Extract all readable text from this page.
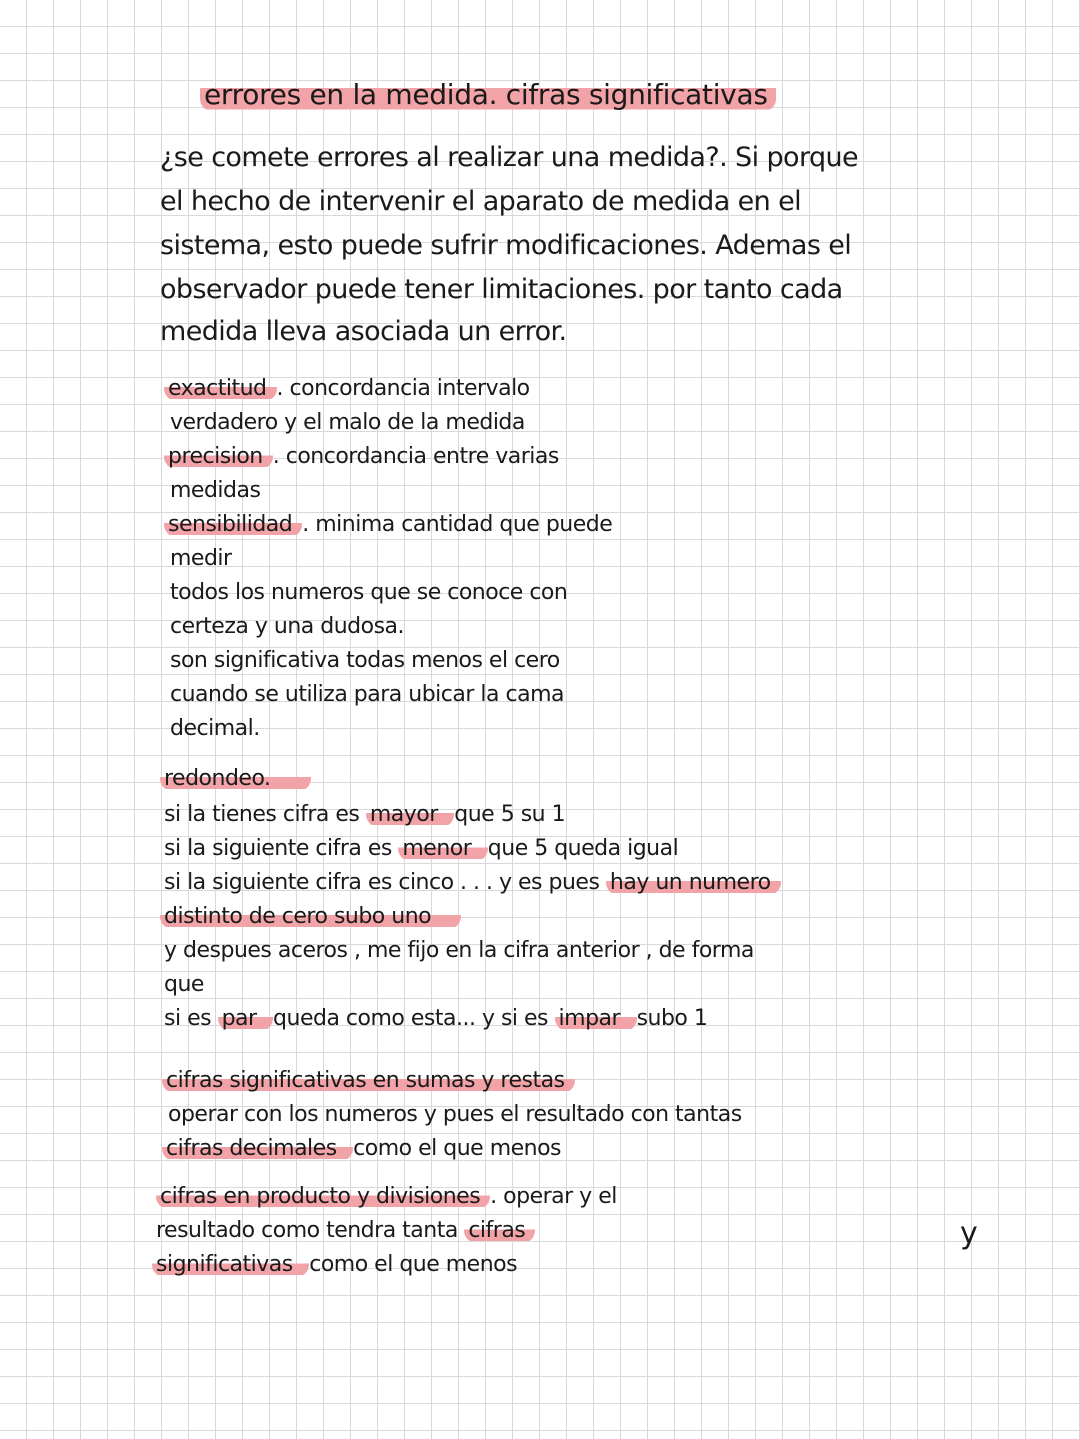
errores en la medida. cifras significativas
¿se comete errores al realizar una medida?. Si porque
el hecho de intervenir el aparato de medida en el
sistema, esto puede sufrir modificaciones. Ademas el
observador puede tener limitaciones. por tanto cada
medida lleva asociada un error.
exactitud . concordancia intervalo
verdadero y el malo de la medida
precision . concordancia entre varias
medidas
sensibilidad . minima cantidad que puede
medir
todos los numeros que se conoce con
certeza y una dudosa.
son significativa todas menos el cero
cuando se utiliza para ubicar la cama
decimal.
redondeo.
si la tienes cifra es mayor que 5 su 1
si la siguiente cifra es menor que 5 queda igual
si la siguiente cifra es cinco . . . y es pues hay un numero
distinto de cero subo uno
y despues aceros , me fijo en la cifra anterior , de forma
que
si es par queda como esta... y si es impar subo 1
cifras significativas en sumas y restas
operar con los numeros y pues el resultado con tantas
cifras decimales como el que menos
cifras en producto y divisiones . operar y el
resultado como tendra tanta cifras
significativas como el que menos
y
